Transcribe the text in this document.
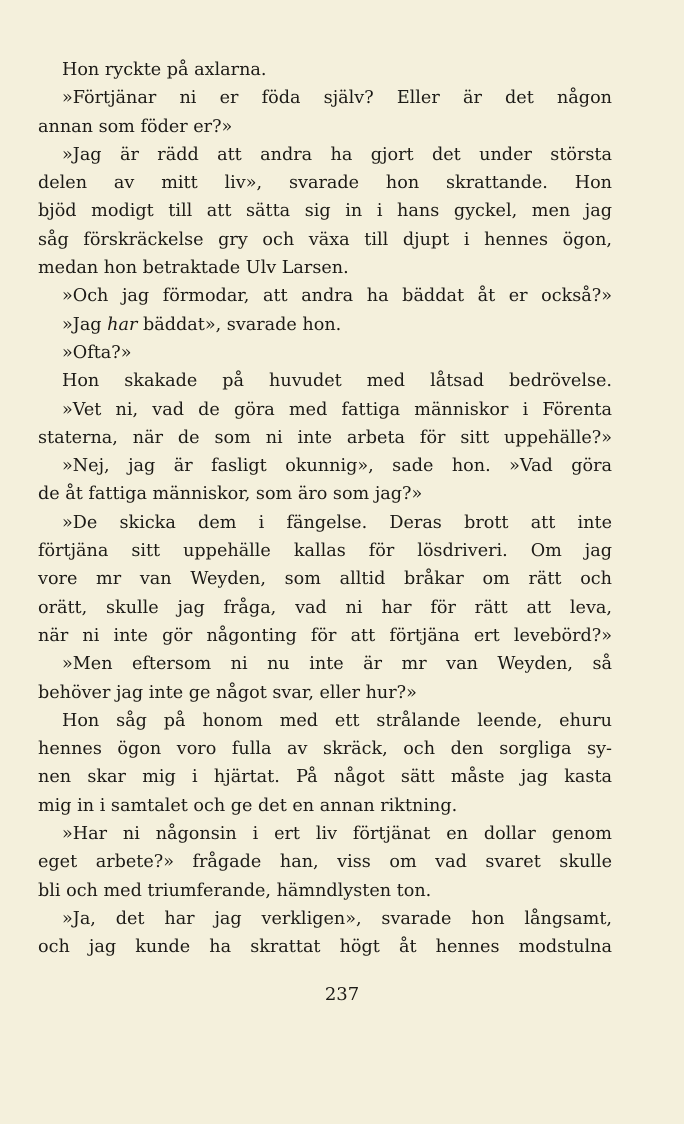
Hon ryckte på axlarna.
»Förtjänar ni er föda själv? Eller är det någon
annan som föder er?»
»Jag är rädd att andra ha gjort det under största
delen av mitt liv», svarade hon skrattande. Hon
bjöd modigt till att sätta sig in i hans gyckel, men jag
såg förskräckelse gry och växa till djupt i hennes ögon,
medan hon betraktade Ulv Larsen.
»Och jag förmodar, att andra ha bäddat åt er också?»
»Jag har bäddat», svarade hon.
»Ofta?»
Hon skakade på huvudet med låtsad bedrövelse.
»Vet ni, vad de göra med fattiga människor i Förenta
staterna, när de som ni inte arbeta för sitt uppehälle?»
»Nej, jag är fasligt okunnig», sade hon. »Vad göra
de åt fattiga människor, som äro som jag?»
»De skicka dem i fängelse. Deras brott att inte
förtjäna sitt uppehälle kallas för lösdriveri. Om jag
vore mr van Weyden, som alltid bråkar om rätt och
orätt, skulle jag fråga, vad ni har för rätt att leva,
när ni inte gör någonting för att förtjäna ert levebörd?»
»Men eftersom ni nu inte är mr van Weyden, så
behöver jag inte ge något svar, eller hur?»
Hon såg på honom med ett strålande leende, ehuru
hennes ögon voro fulla av skräck, och den sorgliga sy-
nen skar mig i hjärtat. På något sätt måste jag kasta
mig in i samtalet och ge det en annan riktning.
»Har ni någonsin i ert liv förtjänat en dollar genom
eget arbete?» frågade han, viss om vad svaret skulle
bli och med triumferande, hämndlysten ton.
»Ja, det har jag verkligen», svarade hon långsamt,
och jag kunde ha skrattat högt åt hennes modstulna
237
